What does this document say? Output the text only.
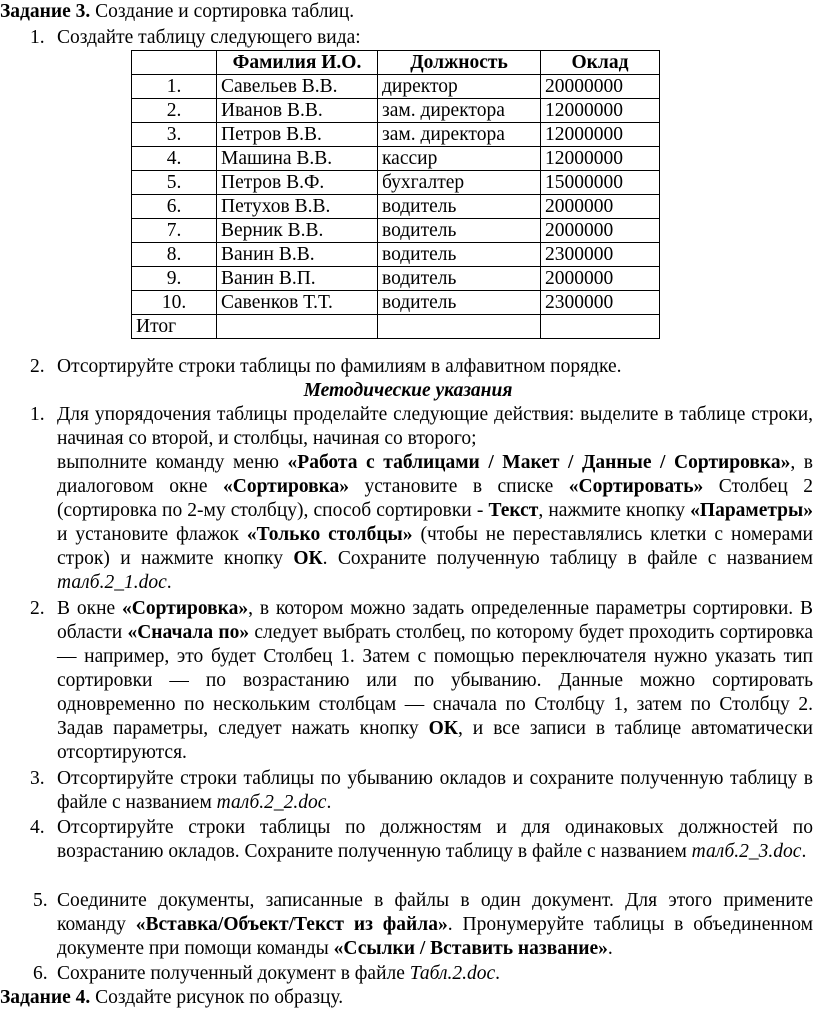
Задание 3. Создание и сортировка таблиц.
1. Создайте таблицу следующего вида:
	Фамилия И.О.	Должность	Оклад
1.	Савельев В.В.	директор	20000000
2.	Иванов В.В.	зам. директора	12000000
3.	Петров В.В.	зам. директора	12000000
4.	Машина В.В.	кассир	12000000
5.	Петров В.Ф.	бухгалтер	15000000
6.	Петухов В.В.	водитель	2000000
7.	Верник В.В.	водитель	2000000
8.	Ванин В.В.	водитель	2300000
9.	Ванин В.П.	водитель	2000000
10.	Савенков Т.Т.	водитель	2300000
Итог			
2. Отсортируйте строки таблицы по фамилиям в алфавитном порядке.
Методические указания
1. Для упорядочения таблицы проделайте следующие действия: выделите в таблице строки, начиная со второй, и столбцы, начиная со второго;
выполните команду меню «Работа с таблицами / Макет / Данные / Сортировка», в диалоговом окне «Сортировка» установите в списке «Сортировать» Столбец 2 (сортировка по 2-му столбцу), способ сортировки - Текст, нажмите кнопку «Параметры» и установите флажок «Только столбцы» (чтобы не переставлялись клетки с номерами строк) и нажмите кнопку ОК. Сохраните полученную таблицу в файле с названием талб.2_1.doc.
2. В окне «Сортировка», в котором можно задать определенные параметры сортировки. В области «Сначала по» следует выбрать столбец, по которому будет проходить сортировка — например, это будет Столбец 1. Затем с помощью переключателя нужно указать тип сортировки — по возрастанию или по убыванию. Данные можно сортировать одновременно по нескольким столбцам — сначала по Столбцу 1, затем по Столбцу 2. Задав параметры, следует нажать кнопку ОК, и все записи в таблице автоматически отсортируются.
3. Отсортируйте строки таблицы по убыванию окладов и сохраните полученную таблицу в файле с названием талб.2_2.doc.
4. Отсортируйте строки таблицы по должностям и для одинаковых должностей по возрастанию окладов. Сохраните полученную таблицу в файле с названием талб.2_3.doc.
5. Соедините документы, записанные в файлы в один документ. Для этого примените команду «Вставка/Объект/Текст из файла». Пронумеруйте таблицы в объединенном документе при помощи команды «Ссылки / Вставить название».
6. Сохраните полученный документ в файле Табл.2.doc.
Задание 4. Создайте рисунок по образцу.
